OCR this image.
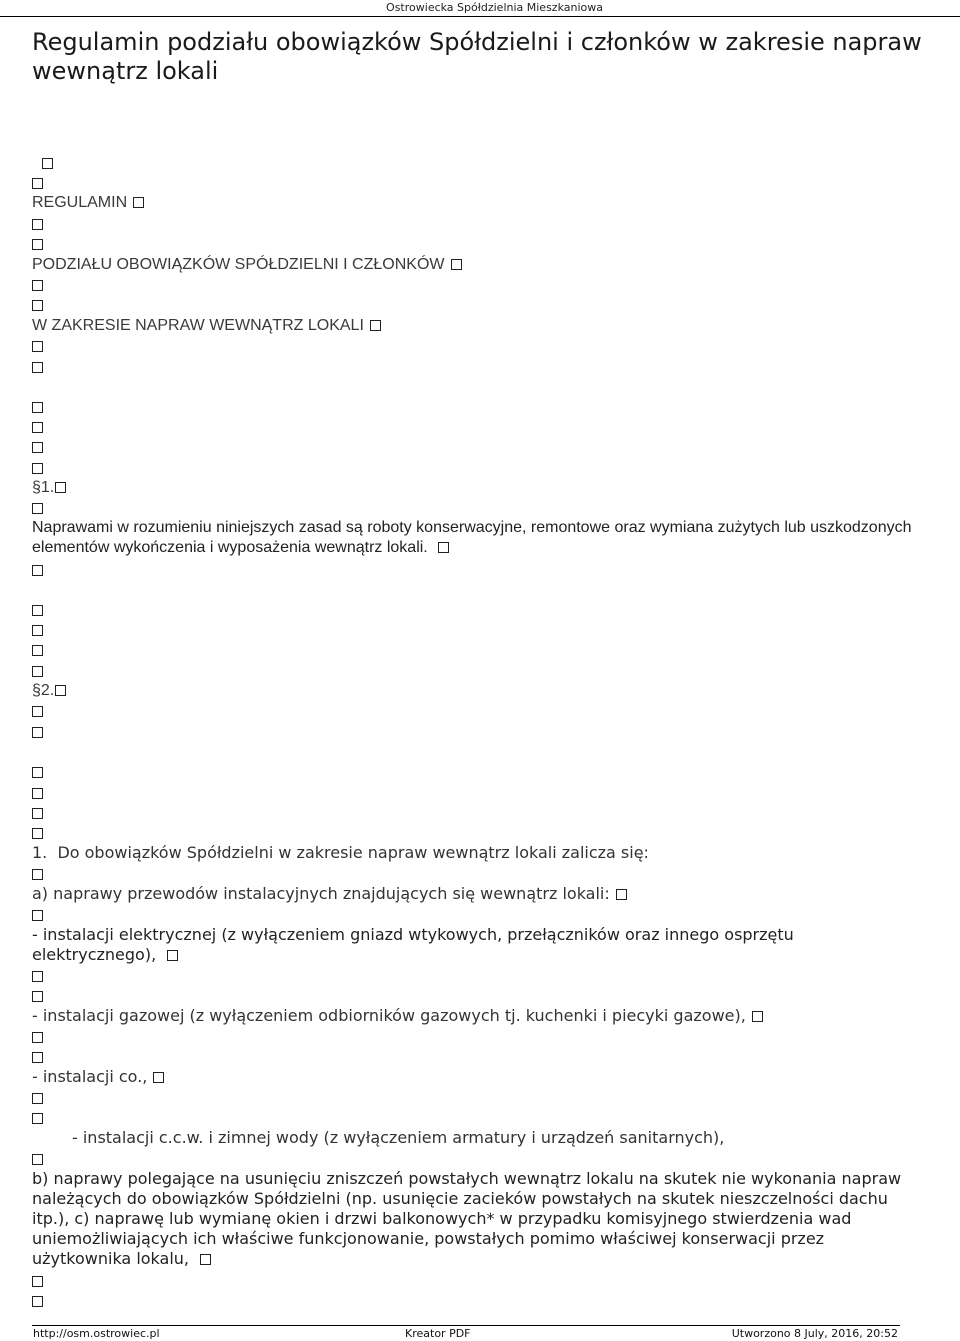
Ostrowiecka Spółdzielnia Mieszkaniowa
Regulamin podziału obowiązków Spółdzielni i członków w zakresie napraw wewnątrz lokali
REGULAMIN
PODZIAŁU OBOWIĄZKÓW SPÓŁDZIELNI I CZŁONKÓW
W ZAKRESIE NAPRAW WEWNĄTRZ LOKALI
§1.
Naprawami w rozumieniu niniejszych zasad są roboty konserwacyjne, remontowe oraz wymiana zużytych lub uszkodzonych elementów wykończenia i wyposażenia wewnątrz lokali.
§2.
1.  Do obowiązków Spółdzielni w zakresie napraw wewnątrz lokali zalicza się:
a) naprawy przewodów instalacyjnych znajdujących się wewnątrz lokali:
- instalacji elektrycznej (z wyłączeniem gniazd wtykowych, przełączników oraz innego osprzętu elektrycznego),
- instalacji gazowej (z wyłączeniem odbiorników gazowych tj. kuchenki i piecyki gazowe),
- instalacji co.,
- instalacji c.c.w. i zimnej wody (z wyłączeniem armatury i urządzeń sanitarnych),
b) naprawy polegające na usunięciu zniszczeń powstałych wewnątrz lokalu na skutek nie wykonania napraw należących do obowiązków Spółdzielni (np. usunięcie zacieków powstałych na skutek nieszczelności dachu itp.), c) naprawę lub wymianę okien i drzwi balkonowych* w przypadku komisyjnego stwierdzenia wad uniemożliwiających ich właściwe funkcjonowanie, powstałych pomimo właściwej konserwacji przez użytkownika lokalu,
http://osm.ostrowiec.pl	Kreator PDF	Utworzono 8 July, 2016, 20:52
